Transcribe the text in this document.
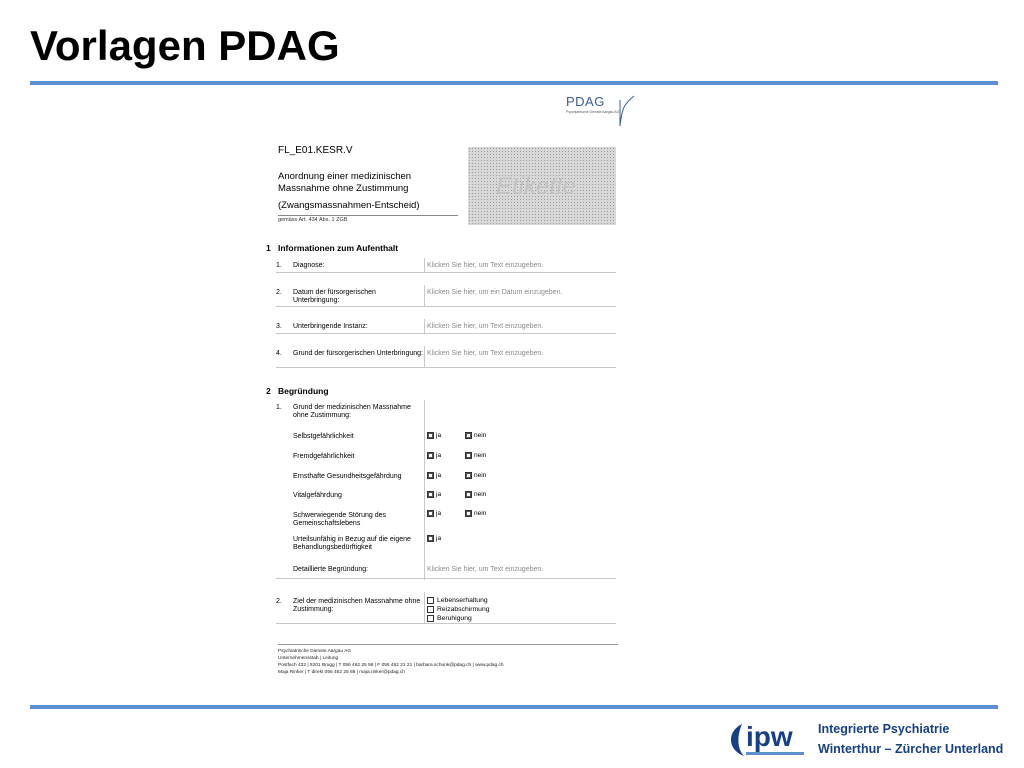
Vorlagen PDAG
PDAG
Psychiatrische Dienste Aargau AG
FL_E01.KESR.V
Anordnung einer medizinischen
Massnahme ohne Zustimmung
(Zwangsmassnahmen-Entscheid)
gemäss Art. 434 Abs. 1 ZGB
Etikette
1 Informationen zum Aufenthalt
1.	Diagnose:	Klicken Sie hier, um Text einzugeben.
2.	Datum der fürsorgerischen Unterbringung:
Klicken Sie hier, um ein Datum einzugeben.
3.	Unterbringende Instanz:	Klicken Sie hier, um Text einzugeben.
4.	Grund der fürsorgerischen Unterbringung: Klicken Sie hier, um Text einzugeben.
2 Begründung
1. Grund der medizinischen Massnahme ohne Zustimmung:
Selbstgefährlichkeit	ja	nein
Fremdgefährlichkeit	ja	nein
Ernsthafte Gesundheitsgefährdung	ja	nein
Vitalgefährdung	ja	nein
Schwerwiegende Störung des Gemeinschaftslebens
ja	nein
Urteilsunfähig in Bezug auf die eigene Behandlungsbedürftigkeit
ja
Detaillierte Begründung:	Klicken Sie hier, um Text einzugeben.
2. Ziel der medizinischen Massnahme ohne Zustimmung:
Lebenserhaltung
Reizabschirmung
Beruhigung
Psychiatrische Dienste Aargau AG
Unternehmensstab | Leitung
Postfach 432 | 5201 Brugg | T 056 462 25 98 | F 056 462 21 21 | barbara.schunk@pdag.ch | www.pdag.ch
Maja Rinker | T direkt 056 462 25 88 | maja.rinker@pdag.ch
ipw Integrierte Psychiatrie
Winterthur – Zürcher Unterland
